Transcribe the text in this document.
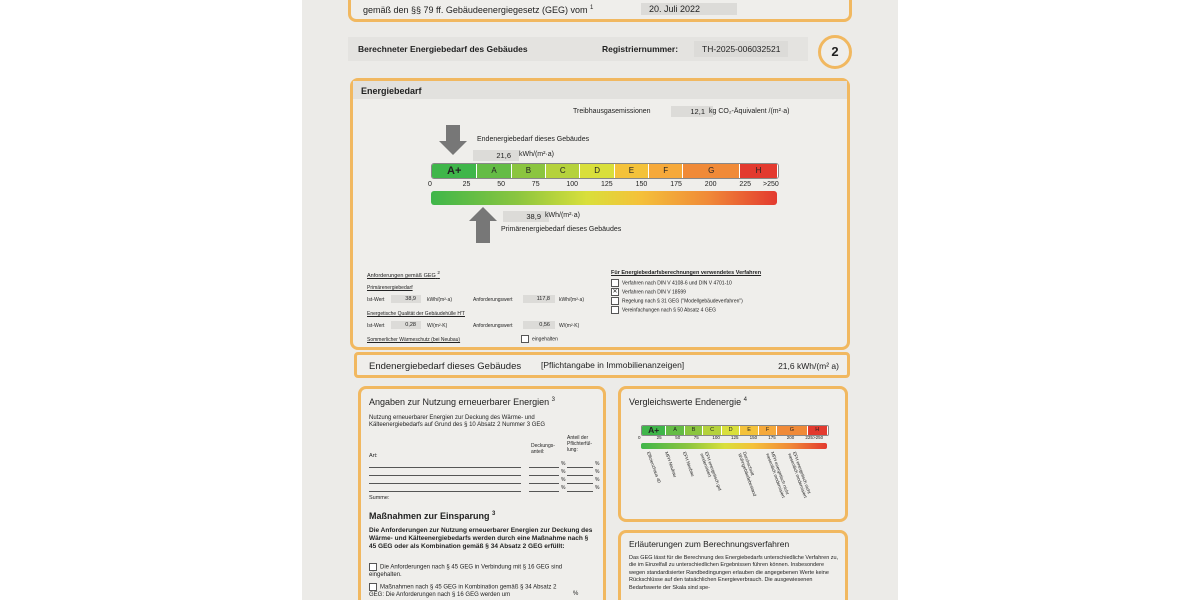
gemäß den §§ 79 ff. Gebäudeenergiegesetz (GEG) vom $^1$	20. Juli 2022
Berechneter Energiebedarf des Gebäudes	Registriernummer:	TH-2025-006032521	2
Energiebedarf
Treibhausgasemissionen	12,1 kg CO₂-Äquivalent /(m²·a)
Endenergiebedarf dieses Gebäudes
21,6	kWh/(m²·a)
A+	A	B	C	D	E	F	G	H
0	25	50	75	100	125	150	175	200	225 >250
38,9 kWh/(m²·a)
Primärenergiebedarf dieses Gebäudes
Anforderungen gemäß GEG $^2$
Primärenergiebedarf
Ist-Wert	38,9	kWh/(m²·a)	Anforderungswert	117,8	kWh/(m²·a)
Energetische Qualität der Gebäudehülle H'T
Ist-Wert	0,28	W/(m²·K)	Anforderungswert	0,56	W/(m²·K)
Sommerlicher Wärmeschutz (bei Neubau)	eingehalten
Für Energiebedarfsberechnungen verwendetes Verfahren
Verfahren nach DIN V 4108-6 und DIN V 4701-10
✕ Verfahren nach DIN V 18599
Regelung nach § 31 GEG ("Modellgebäudeverfahren")
Vereinfachungen nach § 50 Absatz 4 GEG
Endenergiebedarf dieses Gebäudes [Pflichtangabe in Immobilienanzeigen]	21,6 kWh/(m² a)
Angaben zur Nutzung erneuerbarer Energien $^3$
Nutzung erneuerbarer Energien zur Deckung des Wärme- und Kälteenergiebedarfs auf Grund des § 10 Absatz 2 Nummer 3 GEG
Art:
Deckungs-anteil:
Anteil der Pflichterfül-lung:
%	%
%	%
%	%
%	%
Summe:
Maßnahmen zur Einsparung $^3$
Die Anforderungen zur Nutzung erneuerbarer Energien zur Deckung des Wärme- und Kälteenergiebedarfs werden durch eine Maßnahme nach § 45 GEG oder als Kombination gemäß § 34 Absatz 2 GEG erfüllt:
Die Anforderungen nach § 45 GEG in Verbindung mit § 16 GEG sind eingehalten.
Maßnahmen nach § 45 GEG in Kombination gemäß § 34 Absatz 2 GEG: Die Anforderungen nach § 16 GEG werden um	%
Vergleichswerte Endenergie $^4$
A+	A	B	C	D	E	F	G	H
0	25	50	75	100 125 150 175 200 225 >250
Effizienzhaus 40 MFH Neubau EFH Neubau	EFH energetisch gut modernisiert	Durchschnitt Wohngebäudebestand	MFH energetisch nicht wesentlich modernisiert	EFH energetisch nicht wesentlich modernisiert
Erläuterungen zum Berechnungsverfahren
Das GEG lässt für die Berechnung des Energiebedarfs unterschiedliche Verfahren zu, die im Einzelfall zu unterschiedlichen Ergebnissen führen können. Insbesondere wegen standardisierter Randbedingungen erlauben die angegebenen Werte keine Rückschlüsse auf den tatsächlichen Energieverbrauch. Die ausgewiesenen Bedarfswerte der Skala sind spe-
